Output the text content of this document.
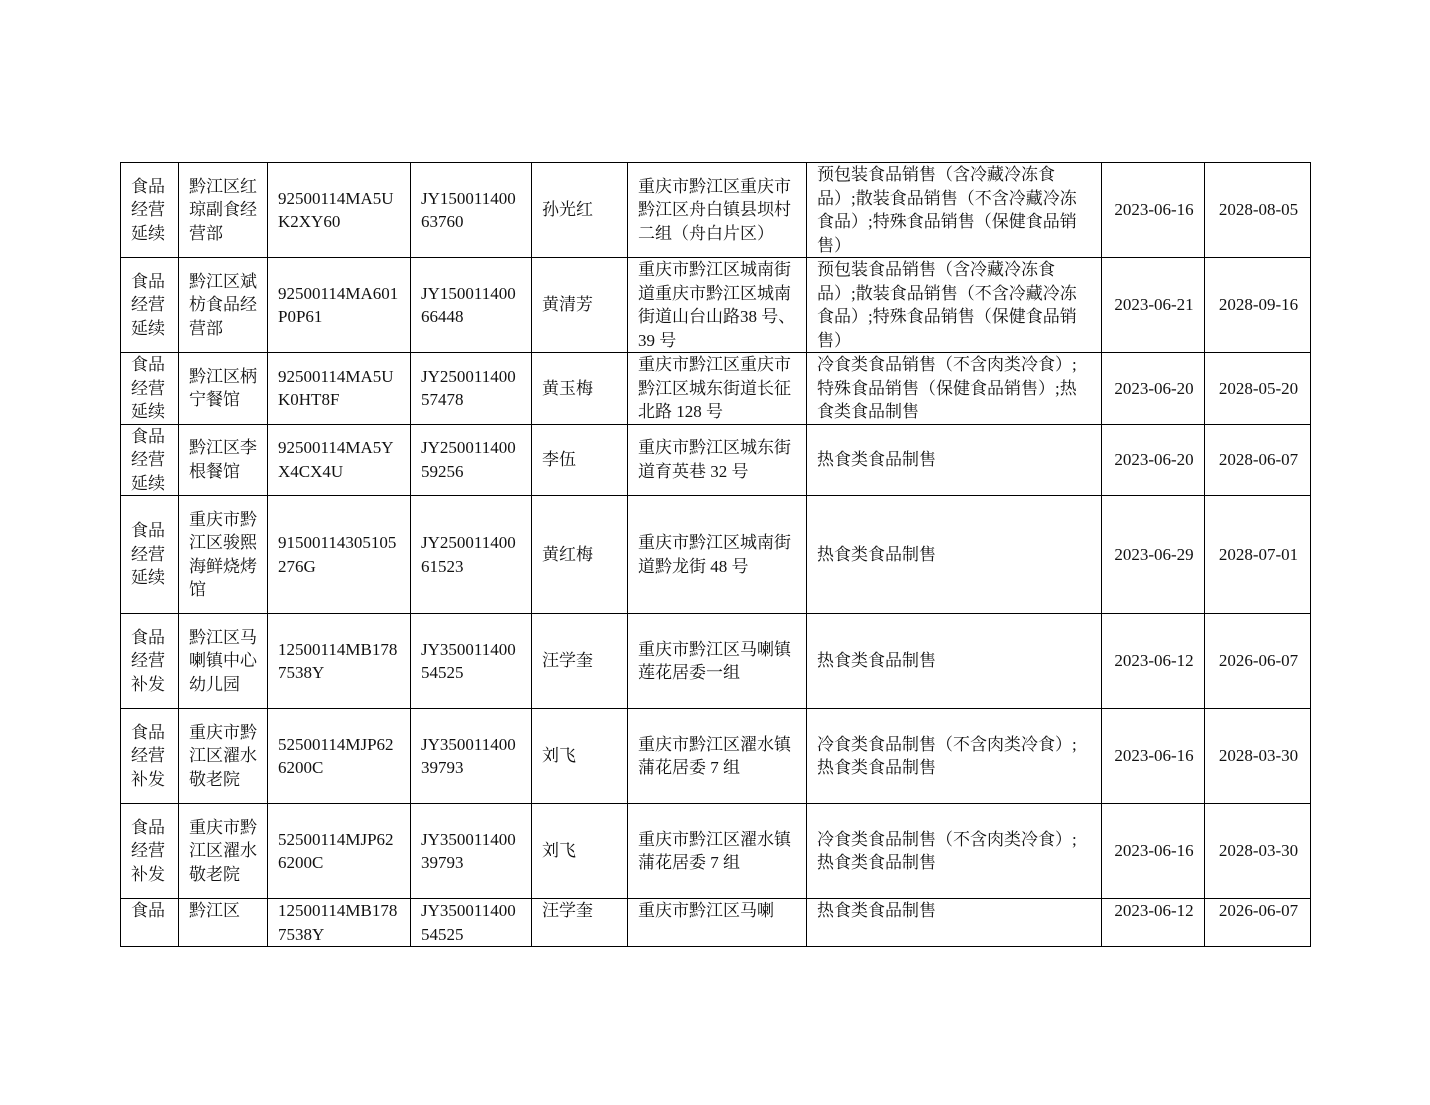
食品经营延续	黔江区红琼副食经营部	92500114MA5UK2XY60	JY15001140063760	孙光红	重庆市黔江区重庆市黔江区舟白镇县坝村二组（舟白片区）	预包装食品销售（含冷藏冷冻食品）;散装食品销售（不含冷藏冷冻食品）;特殊食品销售（保健食品销售）	2023-06-16	2028-08-05
食品经营延续	黔江区斌枋食品经营部	92500114MA601P0P61	JY15001140066448	黄清芳	重庆市黔江区城南街道重庆市黔江区城南街道山台山路38 号、39 号	预包装食品销售（含冷藏冷冻食品）;散装食品销售（不含冷藏冷冻食品）;特殊食品销售（保健食品销售）	2023-06-21	2028-09-16
食品经营延续	黔江区柄宁餐馆	92500114MA5UK0HT8F	JY25001140057478	黄玉梅	重庆市黔江区重庆市黔江区城东街道长征北路 128 号	冷食类食品销售（不含肉类冷食）;特殊食品销售（保健食品销售）;热食类食品制售	2023-06-20	2028-05-20
食品经营延续	黔江区李根餐馆	92500114MA5YX4CX4U	JY25001140059256	李伍	重庆市黔江区城东街道育英巷 32 号	热食类食品制售	2023-06-20	2028-06-07
食品经营延续	重庆市黔江区骏熙海鲜烧烤馆	91500114305105276G	JY25001140061523	黄红梅	重庆市黔江区城南街道黔龙街 48 号	热食类食品制售	2023-06-29	2028-07-01
食品经营补发	黔江区马喇镇中心幼儿园	12500114MB1787538Y	JY35001140054525	汪学奎	重庆市黔江区马喇镇莲花居委一组	热食类食品制售	2023-06-12	2026-06-07
食品经营补发	重庆市黔江区濯水敬老院	52500114MJP626200C	JY35001140039793	刘飞	重庆市黔江区濯水镇蒲花居委 7 组	冷食类食品制售（不含肉类冷食）;热食类食品制售	2023-06-16	2028-03-30
食品经营补发	重庆市黔江区濯水敬老院	52500114MJP626200C	JY35001140039793	刘飞	重庆市黔江区濯水镇蒲花居委 7 组	冷食类食品制售（不含肉类冷食）;热食类食品制售	2023-06-16	2028-03-30
食品	黔江区	12500114MB1787538Y	JY35001140054525	汪学奎	重庆市黔江区马喇	热食类食品制售	2023-06-12	2026-06-07
